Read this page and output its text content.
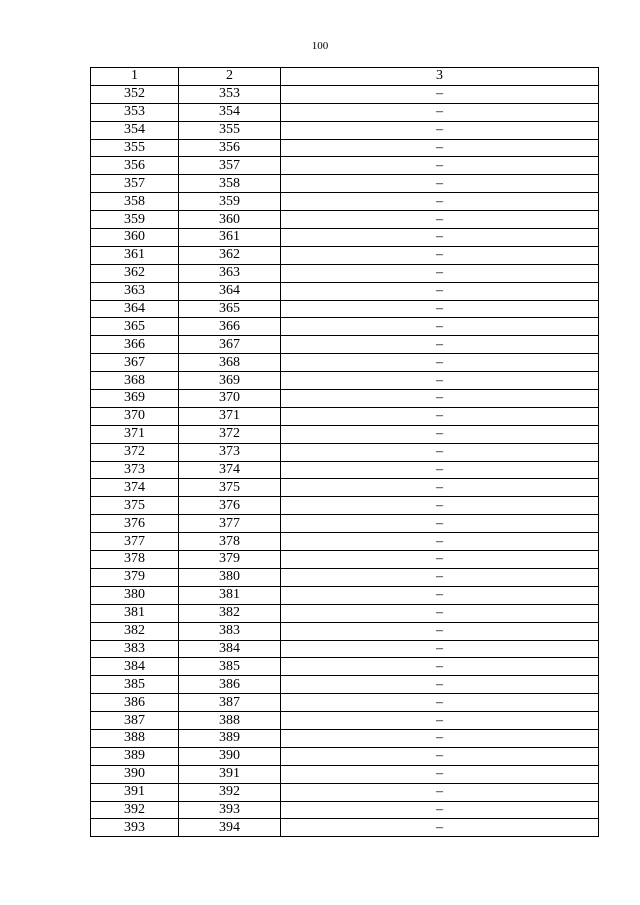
100
1	2	3
352	353	–
353	354	–
354	355	–
355	356	–
356	357	–
357	358	–
358	359	–
359	360	–
360	361	–
361	362	–
362	363	–
363	364	–
364	365	–
365	366	–
366	367	–
367	368	–
368	369	–
369	370	–
370	371	–
371	372	–
372	373	–
373	374	–
374	375	–
375	376	–
376	377	–
377	378	–
378	379	–
379	380	–
380	381	–
381	382	–
382	383	–
383	384	–
384	385	–
385	386	–
386	387	–
387	388	–
388	389	–
389	390	–
390	391	–
391	392	–
392	393	–
393	394	–
